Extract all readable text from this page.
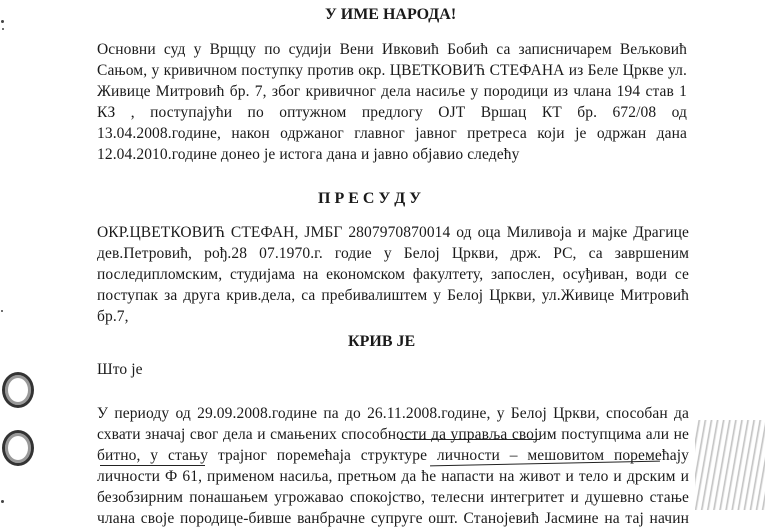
У ИМЕ НАРОДА!
Основни суд у Врщцу по судији Вени Ивковић Бобић са записничарем Вељковић
Сањом, у кривичном поступку против окр. ЦВЕТКОВИЋ СТЕФАНА из Беле Цркве ул.
Живице Митровић бр. 7, због кривичног дела насиље у породици из члана 194 став 1
КЗ , поступајући по оптужном предлогу ОЈТ Вршац КТ бр. 672/08 од
13.04.2008.године, након одржаног главног јавног претреса који је одржан дана
12.04.2010.године донео је истога дана и јавно објавио следећу
П Р Е С У Д У
ОКР.ЦВЕТКОВИЋ СТЕФАН, ЈМБГ 2807970870014 од оца Миливоја и мајке Драгице
дев.Петровић, рођ.28 07.1970.г. годие у Белој Цркви, држ. РС, са завршеним
последипломским, студијама на економском факултету, запослен, осуђиван, води се
поступак за друга крив.дела, са пребивалиштем у Белој Цркви, ул.Живице Митровић
бр.7,
КРИВ ЈЕ
Што је
У периоду од 29.09.2008.године па до 26.11.2008.године, у Белој Цркви, способан да
схвати значај свог дела и смањених способности да управља својим поступцима али не
битно, у стању трајног поремећаја структуре личности – мешовитом поремећају
личности Ф 61, применом насиља, претњом да ће напасти на живот и тело и дрским и
безобзирним понашањем угрожавао спокојство, телесни интегритет и душевно стање
члана своје породице-бивше ванбрачне супруге ошт. Станојевић Јасмине на тај начин
